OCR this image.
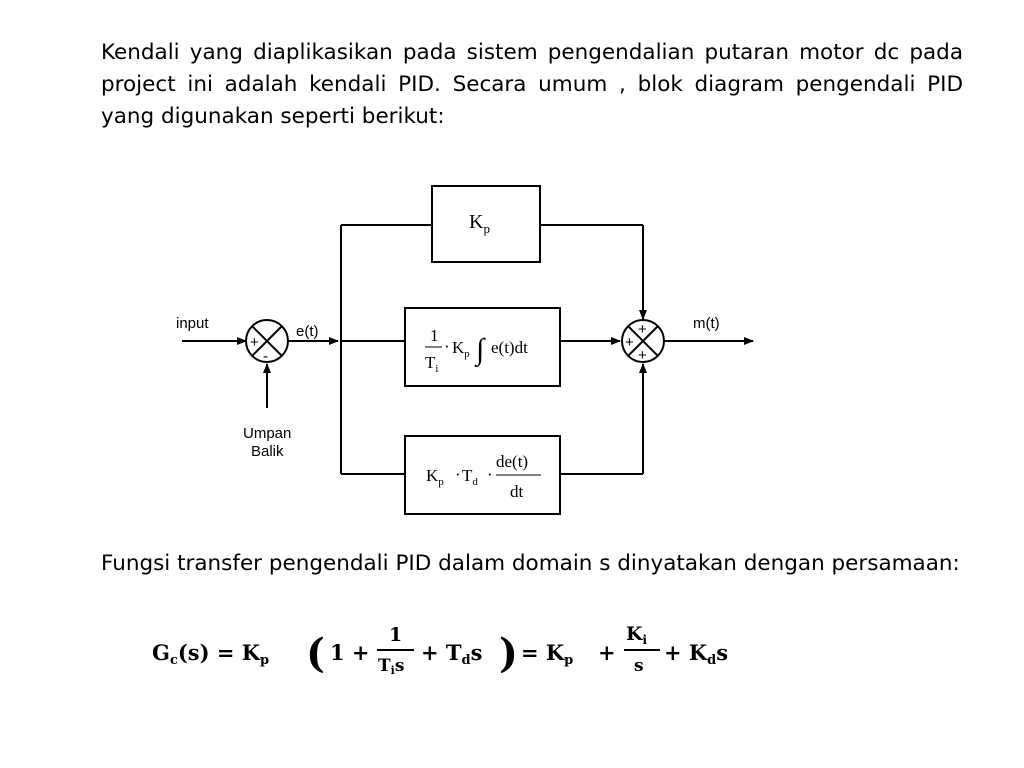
Kendali yang diaplikasikan pada sistem pengendalian putaran motor dc pada project ini adalah kendali PID. Secara umum , blok diagram pengendali PID yang digunakan seperti berikut:

+
-
+
+
+
input	e(t)	m(t)
Umpan
Balik
$K_p$
1
$T_i$
· $K_p$ ∫ e(t)dt
$K_p \cdot T_d$ ·
de(t)
dt
Gc(s) = Kp ( 1 +
1
Tis
+ Tds ) = Kp +
$K_i$
s
+ Kds

Fungsi transfer pengendali PID dalam domain s dinyatakan dengan persamaan:
